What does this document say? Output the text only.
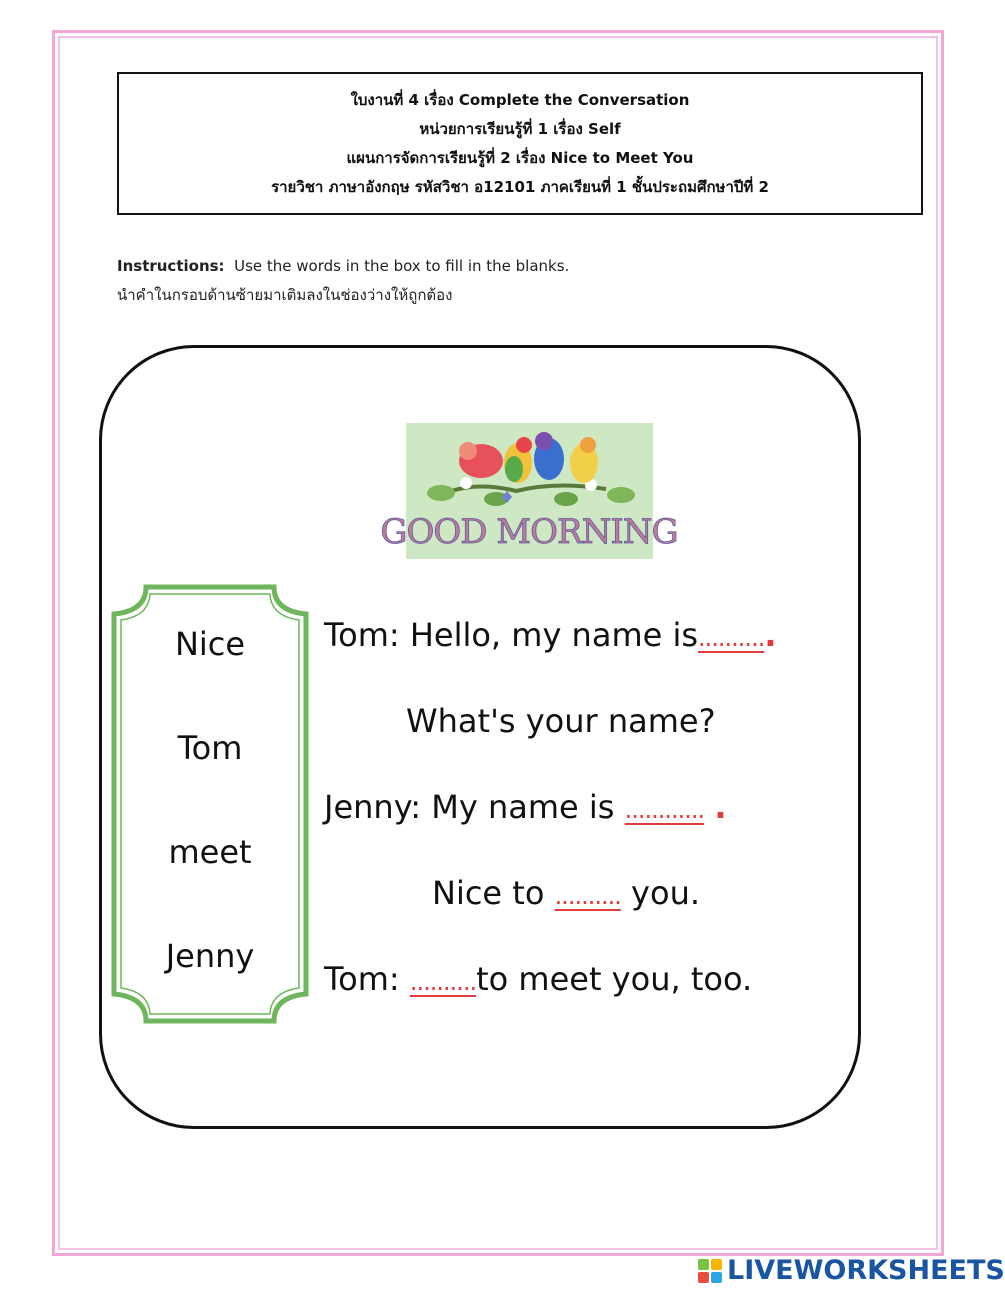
ใบงานที่ 4 เรื่อง Complete the Conversation
หน่วยการเรียนรู้ที่ 1 เรื่อง Self
แผนการจัดการเรียนรู้ที่ 2 เรื่อง Nice to Meet You
รายวิชา ภาษาอังกฤษ รหัสวิชา อ12101 ภาคเรียนที่ 1 ชั้นประถมศึกษาปีที่ 2
Instructions: Use the words in the box to fill in the blanks.
นำคำในกรอบด้านซ้ายมาเติมลงในช่องว่างให้ถูกต้อง
GOOD MORNING
Nice
Tom
meet
Jenny
Tom: Hello, my name is...........
What's your name?
Jenny: My name is ............ .
Nice to .......... you.
Tom: ..........to meet you, too.
LIVEWORKSHEETS
